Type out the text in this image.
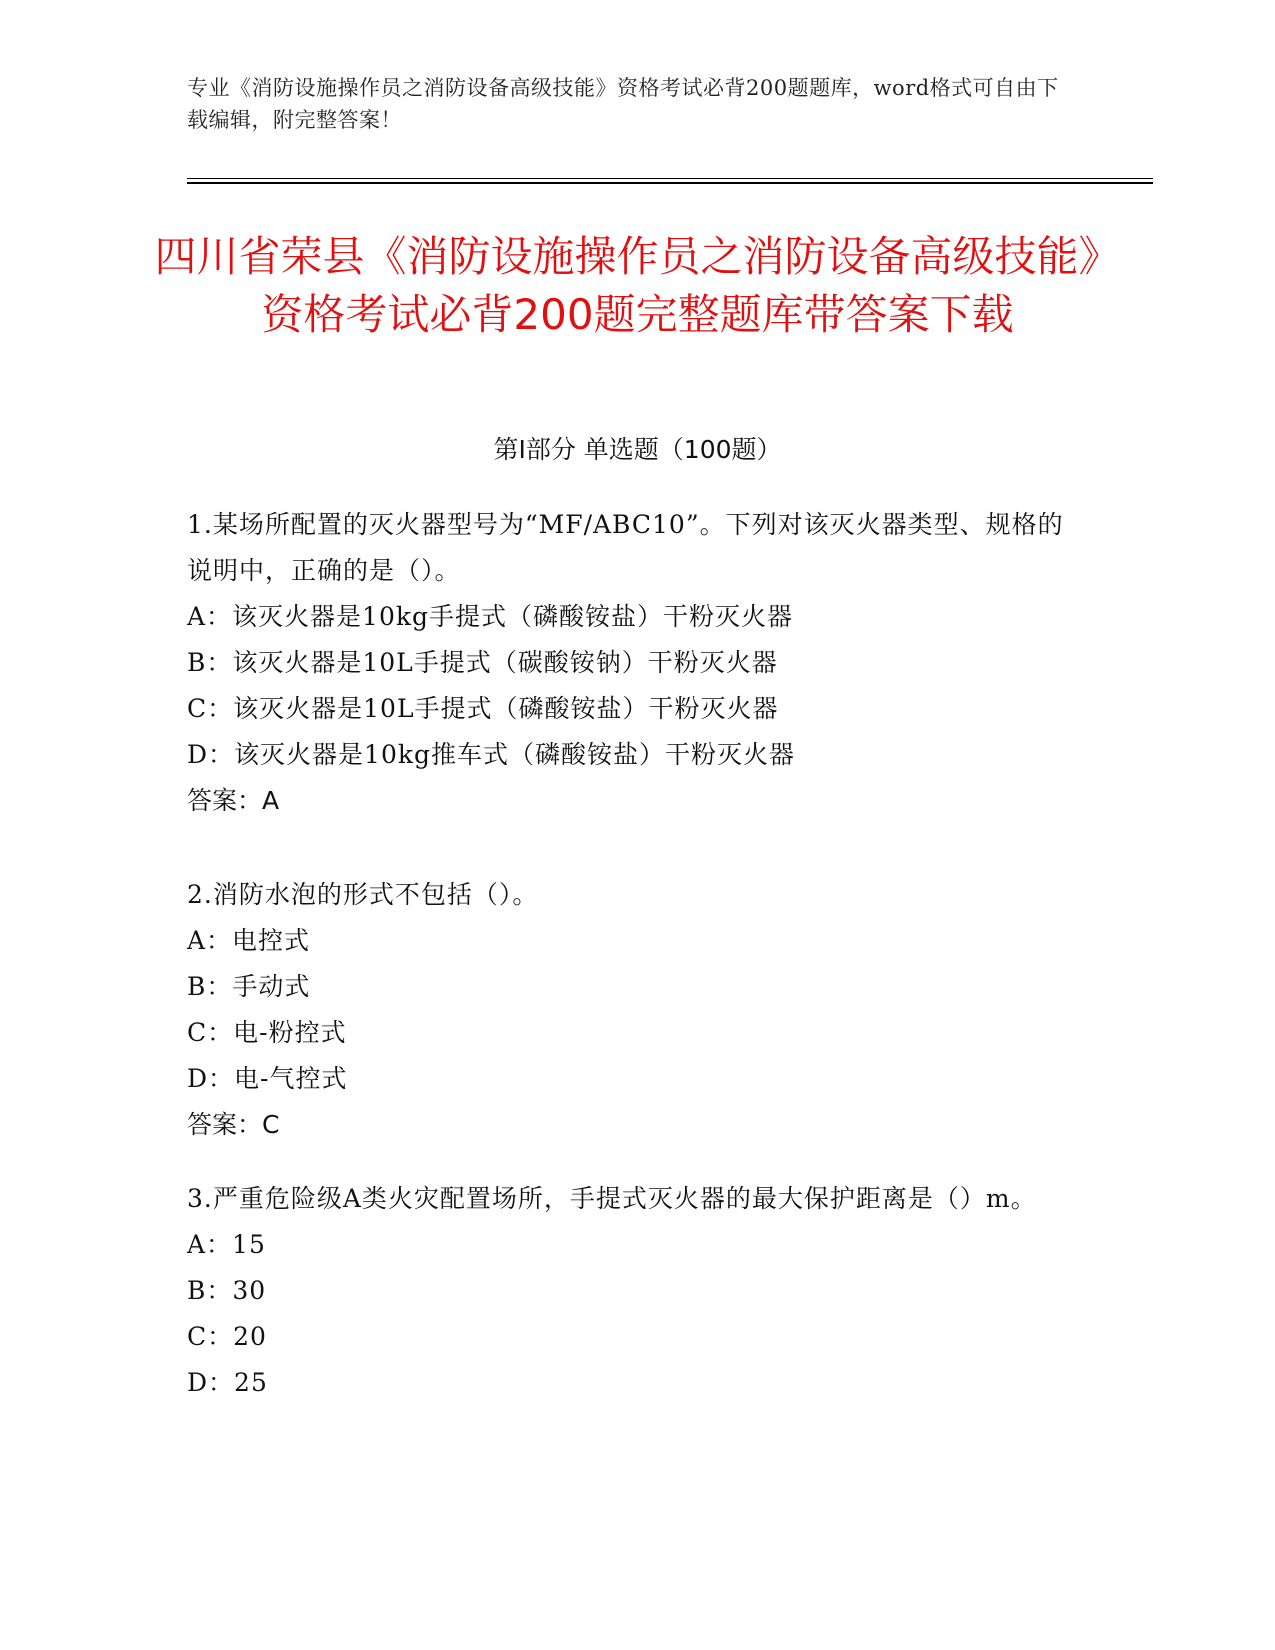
专业《消防设施操作员之消防设备高级技能》资格考试必背200题题库，word格式可自由下载编辑，附完整答案！
四川省荣县《消防设施操作员之消防设备高级技能》资格考试必背200题完整题库带答案下载
第Ⅰ部分 单选题（100题）
1.某场所配置的灭火器型号为“MF/ABC10”。下列对该灭火器类型、规格的说明中，正确的是（）。
A：该灭火器是10kg手提式（磷酸铵盐）干粉灭火器
B：该灭火器是10L手提式（碳酸铵钠）干粉灭火器
C：该灭火器是10L手提式（磷酸铵盐）干粉灭火器
D：该灭火器是10kg推车式（磷酸铵盐）干粉灭火器
答案：A
2.消防水泡的形式不包括（）。
A：电控式
B：手动式
C：电-粉控式
D：电-气控式
答案：C
3.严重危险级A类火灾配置场所，手提式灭火器的最大保护距离是（）m。
A：15
B：30
C：20
D：25
